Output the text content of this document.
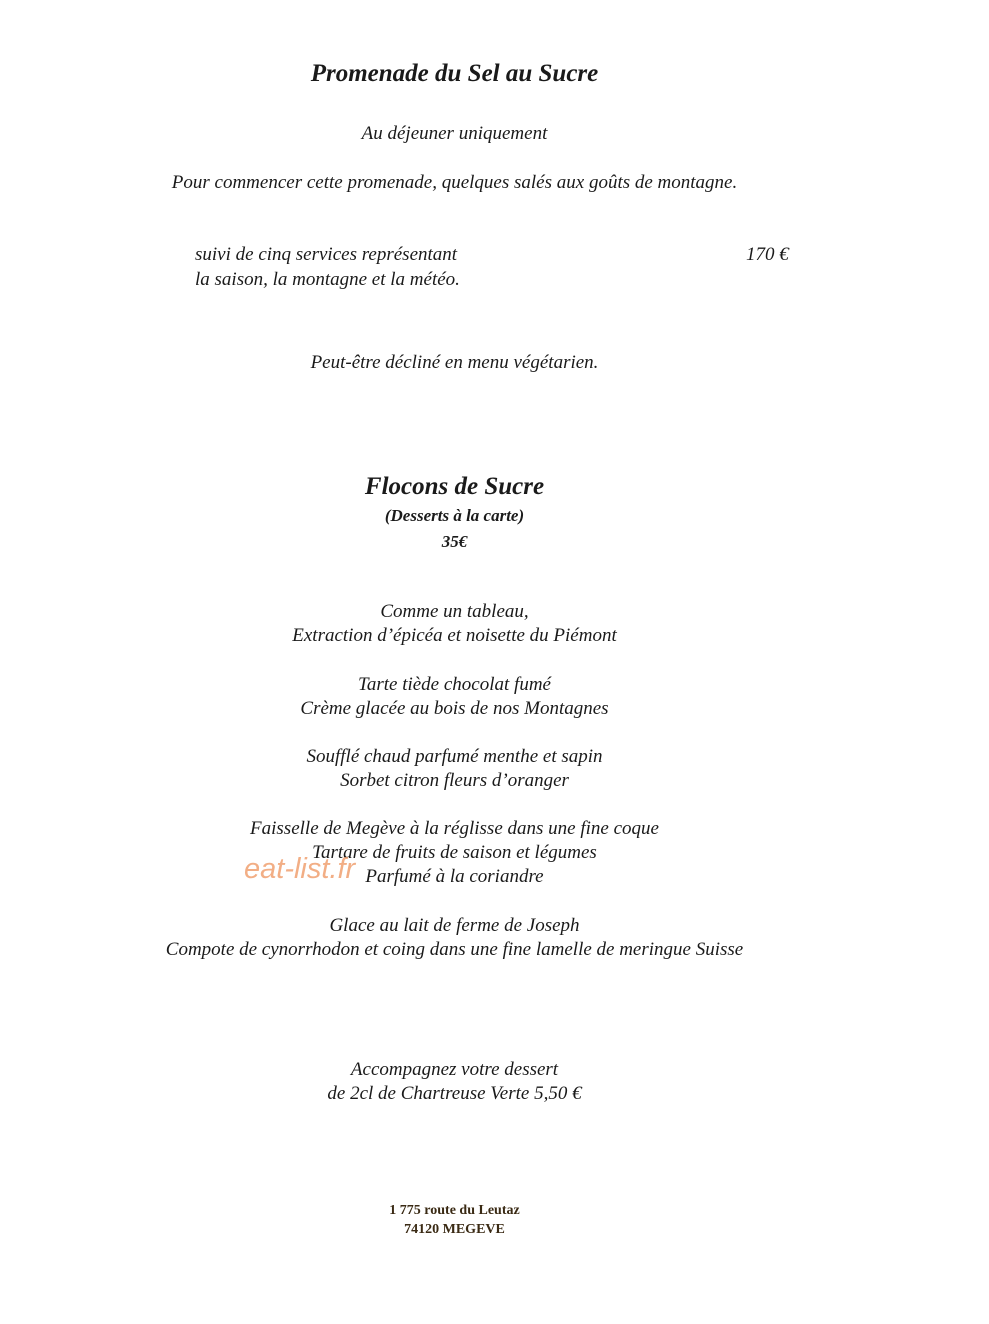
Promenade du Sel au Sucre
Au déjeuner uniquement
Pour commencer cette promenade, quelques salés aux goûts de montagne.
suivi de cinq services représentant
la saison, la montagne et la météo.
170 €
Peut-être décliné en menu végétarien.
Flocons de Sucre
(Desserts à la carte)
35€
Comme un tableau,
Extraction d’épicéa et noisette du Piémont
Tarte tiède chocolat fumé
Crème glacée au bois de nos Montagnes
Soufflé chaud parfumé menthe et sapin
Sorbet citron fleurs d’oranger
Faisselle de Megève à la réglisse dans une fine coque
Tartare de fruits de saison et légumes
Parfumé à la coriandre
Glace au lait de ferme de Joseph
Compote de cynorrhodon et coing dans une fine lamelle de meringue Suisse
Accompagnez votre dessert
de 2cl de Chartreuse Verte 5,50 €
eat-list.fr
1 775 route du Leutaz
74120 MEGEVE
